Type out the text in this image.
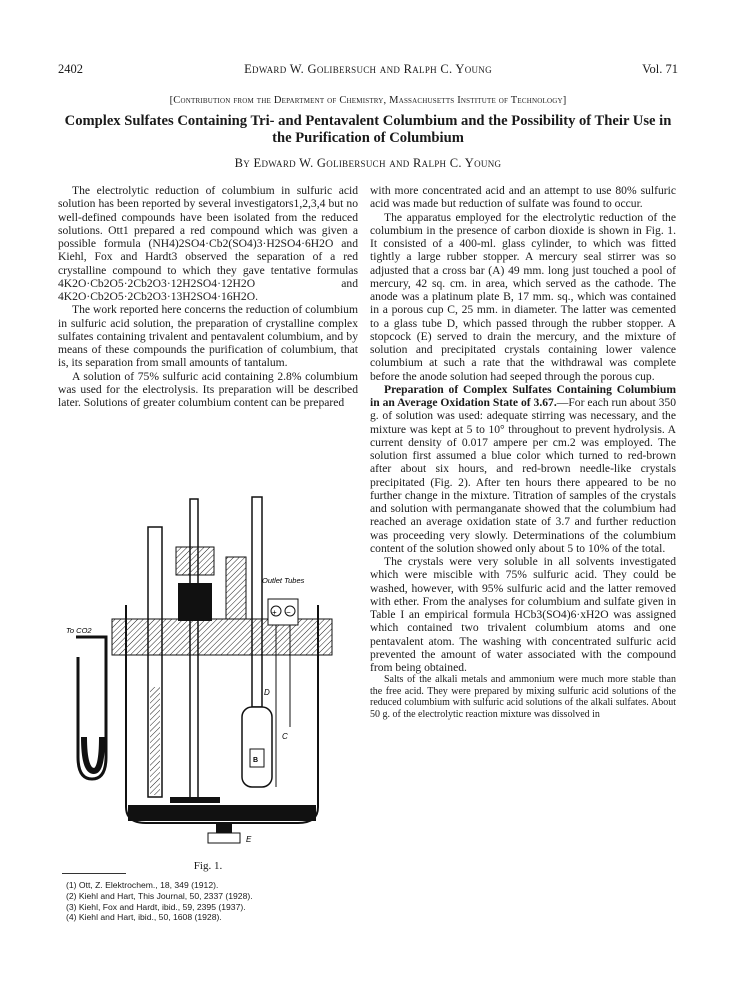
2402	Edward W. Golibersuch and Ralph C. Young	Vol. 71
[Contribution from the Department of Chemistry, Massachusetts Institute of Technology]
Complex Sulfates Containing Tri- and Pentavalent Columbium and the Possibility of Their Use in the Purification of Columbium
By Edward W. Golibersuch and Ralph C. Young

The electrolytic reduction of columbium in sulfuric acid solution has been reported by several investigators1,2,3,4 but no well-defined compounds have been isolated from the reduced solutions. Ott1 prepared a red compound which was given a possible formula (NH4)2SO4·Cb2(SO4)3·H2SO4·6H2O and Kiehl, Fox and Hardt3 observed the separation of a red crystalline compound to which they gave tentative formulas 4K2O·Cb2O5·2Cb2O3·12H2SO4·12H2O and 4K2O·Cb2O5·2Cb2O3·13H2SO4·16H2O.

The work reported here concerns the reduction of columbium in sulfuric acid solution, the preparation of crystalline complex sulfates containing trivalent and pentavalent columbium, and by means of these compounds the purification of columbium, that is, its separation from small amounts of tantalum.

A solution of 75% sulfuric acid containing 2.8% columbium was used for the electrolysis. Its preparation will be described later. Solutions of greater columbium content can be prepared

Outlet Tubes
To CO2
+ −
D
C
B
E
Fig. 1.
(1) Ott, Z. Elektrochem., 18, 349 (1912).
(2) Kiehl and Hart, This Journal, 50, 2337 (1928).
(3) Kiehl, Fox and Hardt, ibid., 59, 2395 (1937).
(4) Kiehl and Hart, ibid., 50, 1608 (1928).

with more concentrated acid and an attempt to use 80% sulfuric acid was made but reduction of sulfate was found to occur.

The apparatus employed for the electrolytic reduction of the columbium in the presence of carbon dioxide is shown in Fig. 1. It consisted of a 400-ml. glass cylinder, to which was fitted tightly a large rubber stopper. A mercury seal stirrer was so adjusted that a cross bar (A) 49 mm. long just touched a pool of mercury, 42 sq. cm. in area, which served as the cathode. The anode was a platinum plate B, 17 mm. sq., which was contained in a porous cup C, 25 mm. in diameter. The latter was cemented to a glass tube D, which passed through the rubber stopper. A stopcock (E) served to drain the mercury, and the mixture of solution and precipitated crystals containing lower valence columbium at such a rate that the withdrawal was complete before the anode solution had seeped through the porous cup.

Preparation of Complex Sulfates Containing Columbium in an Average Oxidation State of 3.67.—For each run about 350 g. of solution was used: adequate stirring was necessary, and the mixture was kept at 5 to 10° throughout to prevent hydrolysis. A current density of 0.017 ampere per cm.2 was employed. The solution first assumed a blue color which turned to red-brown after about six hours, and red-brown needle-like crystals precipitated (Fig. 2). After ten hours there appeared to be no further change in the mixture. Titration of samples of the crystals and solution with permanganate showed that the columbium had reached an average oxidation state of 3.7 and further reduction was proceeding very slowly. Determinations of the columbium content of the solution showed only about 5 to 10% of the total.

The crystals were very soluble in all solvents investigated which were miscible with 75% sulfuric acid. They could be washed, however, with 95% sulfuric acid and the latter removed with ether. From the analyses for columbium and sulfate given in Table I an empirical formula HCb3(SO4)6·xH2O was assigned which contained two trivalent columbium atoms and one pentavalent atom. The washing with concentrated sulfuric acid prevented the amount of water associated with the compound from being obtained.

Salts of the alkali metals and ammonium were much more stable than the free acid. They were prepared by mixing sulfuric acid solutions of the reduced columbium with sulfuric acid solutions of the alkali sulfates. About 50 g. of the electrolytic reaction mixture was dissolved in
